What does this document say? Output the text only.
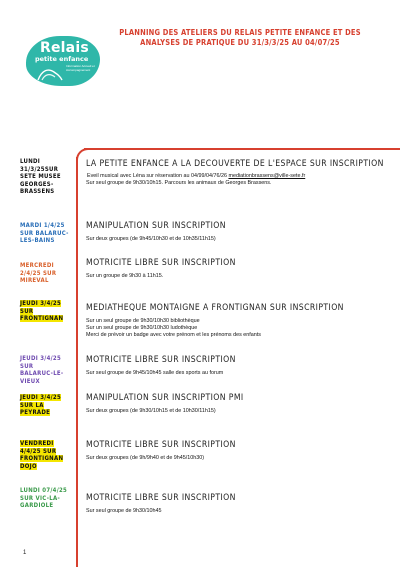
Relais
petite enfance
Information Accueil et Accompagnement
PLANNING DES ATELIERS DU RELAIS PETITE ENFANCE ET DES ANALYSES DE PRATIQUE DU 31/3/3/25 AU 04/07/25
LUNDI 31/3/25SUR SETE MUSEE GEORGES-BRASSENS
MARDI 1/4/25 SUR BALARUC-LES-BAINS
MERCREDI 2/4/25 SUR MIREVAL
JEUDI 3/4/25 SUR FRONTIGNAN
JEUDI 3/4/25 SUR BALARUC-LE-VIEUX
JEUDI 3/4/25 SUR LA PEYRADE
VENDREDI 4/4/25 SUR FRONTIGNAN DOJO
LUNDI 07/4/25 SUR VIC-LA-GARDIOLE
LA PETITE ENFANCE A LA DECOUVERTE DE L'ESPACE SUR INSCRIPTION
Eveil musical avec Léna sur réservation au 04/99/04/76/26 mediationbrassens@ville-sete.fr
Sur seul groupe de 9h30/10h15. Parcours les animaux de Georges Brassens.
MANIPULATION SUR INSCRIPTION
Sur deux groupes (de 9h45/10h30 et de 10h35/11h15)
MOTRICITE LIBRE SUR INSCRIPTION
Sur un groupe de 9h30 à 11h15.
MEDIATHEQUE MONTAIGNE A FRONTIGNAN SUR INSCRIPTION
Sur un seul groupe de 9h30/10h30 bibliothèque
Sur un seul groupe de 9h30/10h30 ludothèque
Merci de prévoir un badge avec votre prénom et les prénoms des enfants
MOTRICITE LIBRE SUR INSCRIPTION
Sur seul groupe de 9h45/10h45 salle des sports au forum
MANIPULATION SUR INSCRIPTION PMI
Sur deux groupes (de 9h30/10h15 et de 10h30/11h15)
MOTRICITE LIBRE SUR INSCRIPTION
Sur deux groupes (de 9h/9h40 et de 9h45/10h30)
MOTRICITE LIBRE SUR INSCRIPTION
Sur seul groupe de 9h30/10h45
1
